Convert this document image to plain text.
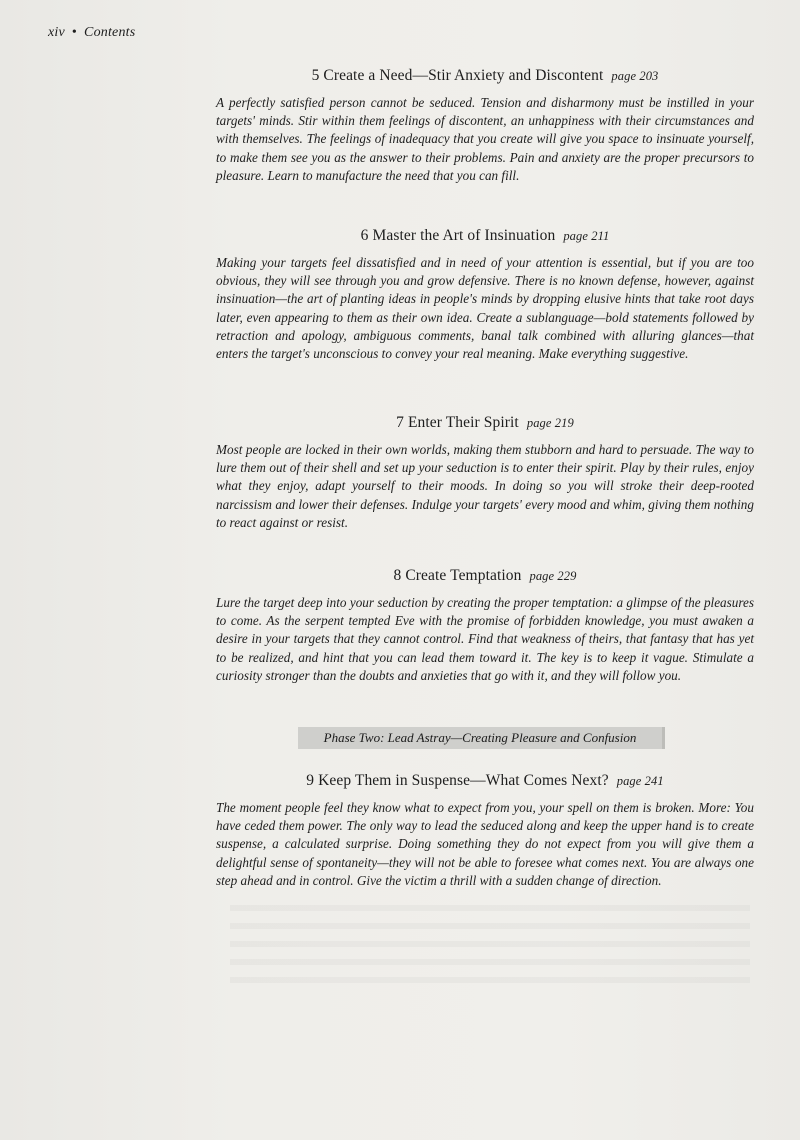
xiv • Contents
5 Create a Need—Stir Anxiety and Discontent page 203

A perfectly satisfied person cannot be seduced. Tension and disharmony must be instilled in your targets' minds. Stir within them feelings of discontent, an unhappiness with their circumstances and with themselves. The feelings of inadequacy that you create will give you space to insinuate yourself, to make them see you as the answer to their problems. Pain and anxiety are the proper precursors to pleasure. Learn to manufacture the need that you can fill.

6 Master the Art of Insinuation page 211

Making your targets feel dissatisfied and in need of your attention is essential, but if you are too obvious, they will see through you and grow defensive. There is no known defense, however, against insinuation—the art of planting ideas in people's minds by dropping elusive hints that take root days later, even appearing to them as their own idea. Create a sublanguage—bold statements followed by retraction and apology, ambiguous comments, banal talk combined with alluring glances—that enters the target's unconscious to convey your real meaning. Make everything suggestive.

7 Enter Their Spirit page 219

Most people are locked in their own worlds, making them stubborn and hard to persuade. The way to lure them out of their shell and set up your seduction is to enter their spirit. Play by their rules, enjoy what they enjoy, adapt yourself to their moods. In doing so you will stroke their deep-rooted narcissism and lower their defenses. Indulge your targets' every mood and whim, giving them nothing to react against or resist.

8 Create Temptation page 229

Lure the target deep into your seduction by creating the proper temptation: a glimpse of the pleasures to come. As the serpent tempted Eve with the promise of forbidden knowledge, you must awaken a desire in your targets that they cannot control. Find that weakness of theirs, that fantasy that has yet to be realized, and hint that you can lead them toward it. The key is to keep it vague. Stimulate a curiosity stronger than the doubts and anxieties that go with it, and they will follow you.

Phase Two: Lead Astray—Creating Pleasure and Confusion
9 Keep Them in Suspense—What Comes Next? page 241

The moment people feel they know what to expect from you, your spell on them is broken. More: You have ceded them power. The only way to lead the seduced along and keep the upper hand is to create suspense, a calculated surprise. Doing something they do not expect from you will give them a delightful sense of spontaneity—they will not be able to foresee what comes next. You are always one step ahead and in control. Give the victim a thrill with a sudden change of direction.
